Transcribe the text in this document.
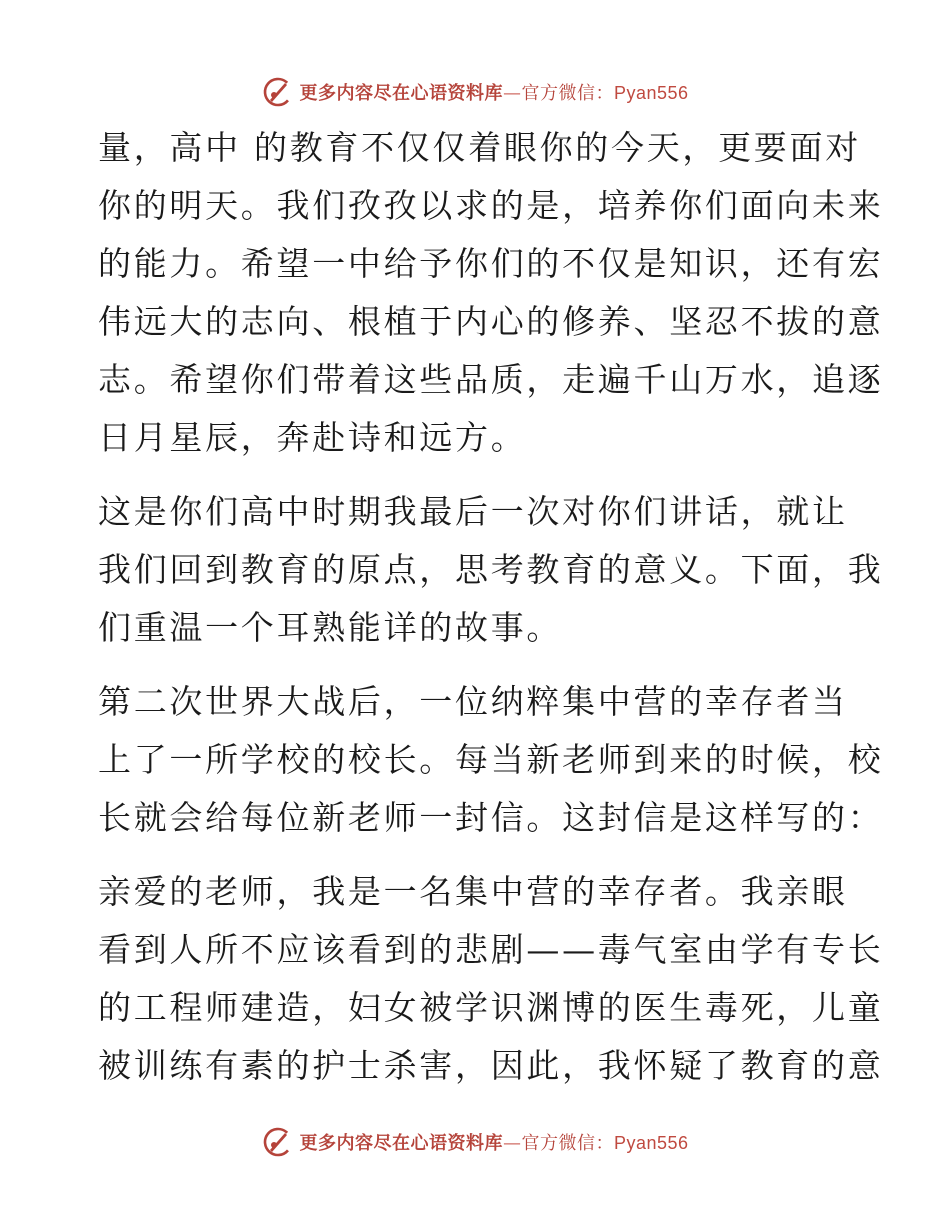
更多内容尽在心语资料库—官方微信：Pyan556
量，高中 的教育不仅仅着眼你的今天，更要面对
你的明天。我们孜孜以求的是，培养你们面向未来
的能力。希望一中给予你们的不仅是知识，还有宏
伟远大的志向、根植于内心的修养、坚忍不拔的意
志。希望你们带着这些品质，走遍千山万水，追逐
日月星辰，奔赴诗和远方。
这是你们高中时期我最后一次对你们讲话，就让
我们回到教育的原点，思考教育的意义。下面，我
们重温一个耳熟能详的故事。
第二次世界大战后，一位纳粹集中营的幸存者当
上了一所学校的校长。每当新老师到来的时候，校
长就会给每位新老师一封信。这封信是这样写的：
亲爱的老师，我是一名集中营的幸存者。我亲眼
看到人所不应该看到的悲剧——毒气室由学有专长
的工程师建造，妇女被学识渊博的医生毒死，儿童
被训练有素的护士杀害，因此，我怀疑了教育的意
更多内容尽在心语资料库—官方微信：Pyan556
